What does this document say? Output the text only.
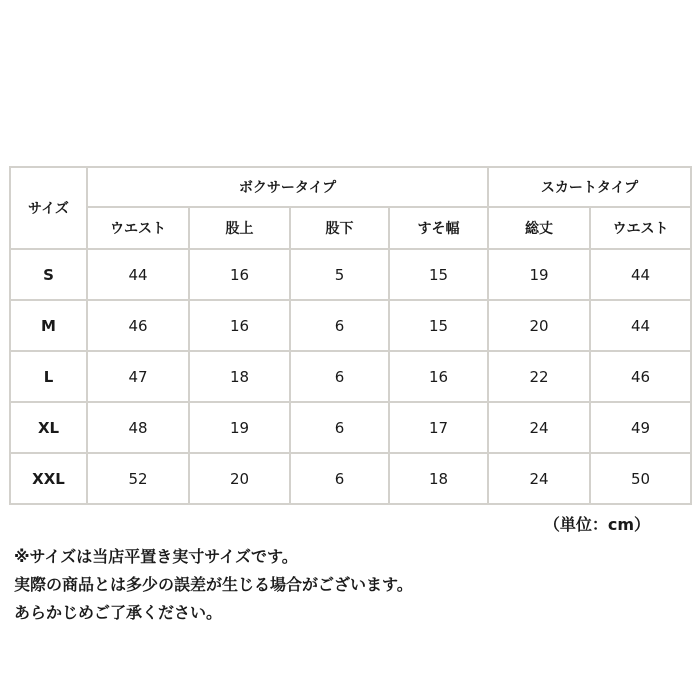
サイズ	ボクサータイプ				スカートタイプ	
	ウエスト	股上	股下	すそ幅	総丈	ウエスト
S	44	16	5	15	19	44
M	46	16	6	15	20	44
L	47	18	6	16	22	46
XL	48	19	6	17	24	49
XXL	52	20	6	18	24	50
（単位：cm）
※サイズは当店平置き実寸サイズです。
実際の商品とは多少の誤差が生じる場合がございます。
あらかじめご了承ください。
